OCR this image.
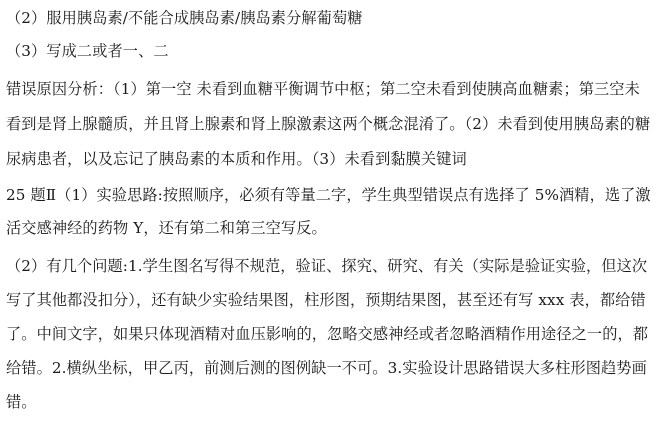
（2）服用胰岛素/不能合成胰岛素/胰岛素分解葡萄糖
（3）写成二或者一、二
错误原因分析：（1）第一空 未看到血糖平衡调节中枢；第二空未看到使胰高血糖素；第三空未
看到是肾上腺髓质，并且肾上腺素和肾上腺激素这两个概念混淆了。（2）未看到使用胰岛素的糖
尿病患者，以及忘记了胰岛素的本质和作用。（3）未看到黏膜关键词
25 题Ⅱ（1）实验思路:按照顺序，必须有等量二字，学生典型错误点有选择了 5%酒精，选了激
活交感神经的药物 Y，还有第二和第三空写反。
（2）有几个问题:1.学生图名写得不规范，验证、探究、研究、有关（实际是验证实验，但这次
写了其他都没扣分），还有缺少实验结果图，柱形图，预期结果图，甚至还有写 xxx 表，都给错
了。中间文字，如果只体现酒精对血压影响的，忽略交感神经或者忽略酒精作用途径之一的，都
给错。2.横纵坐标，甲乙丙，前测后测的图例缺一不可。3.实验设计思路错误大多柱形图趋势画
错。
